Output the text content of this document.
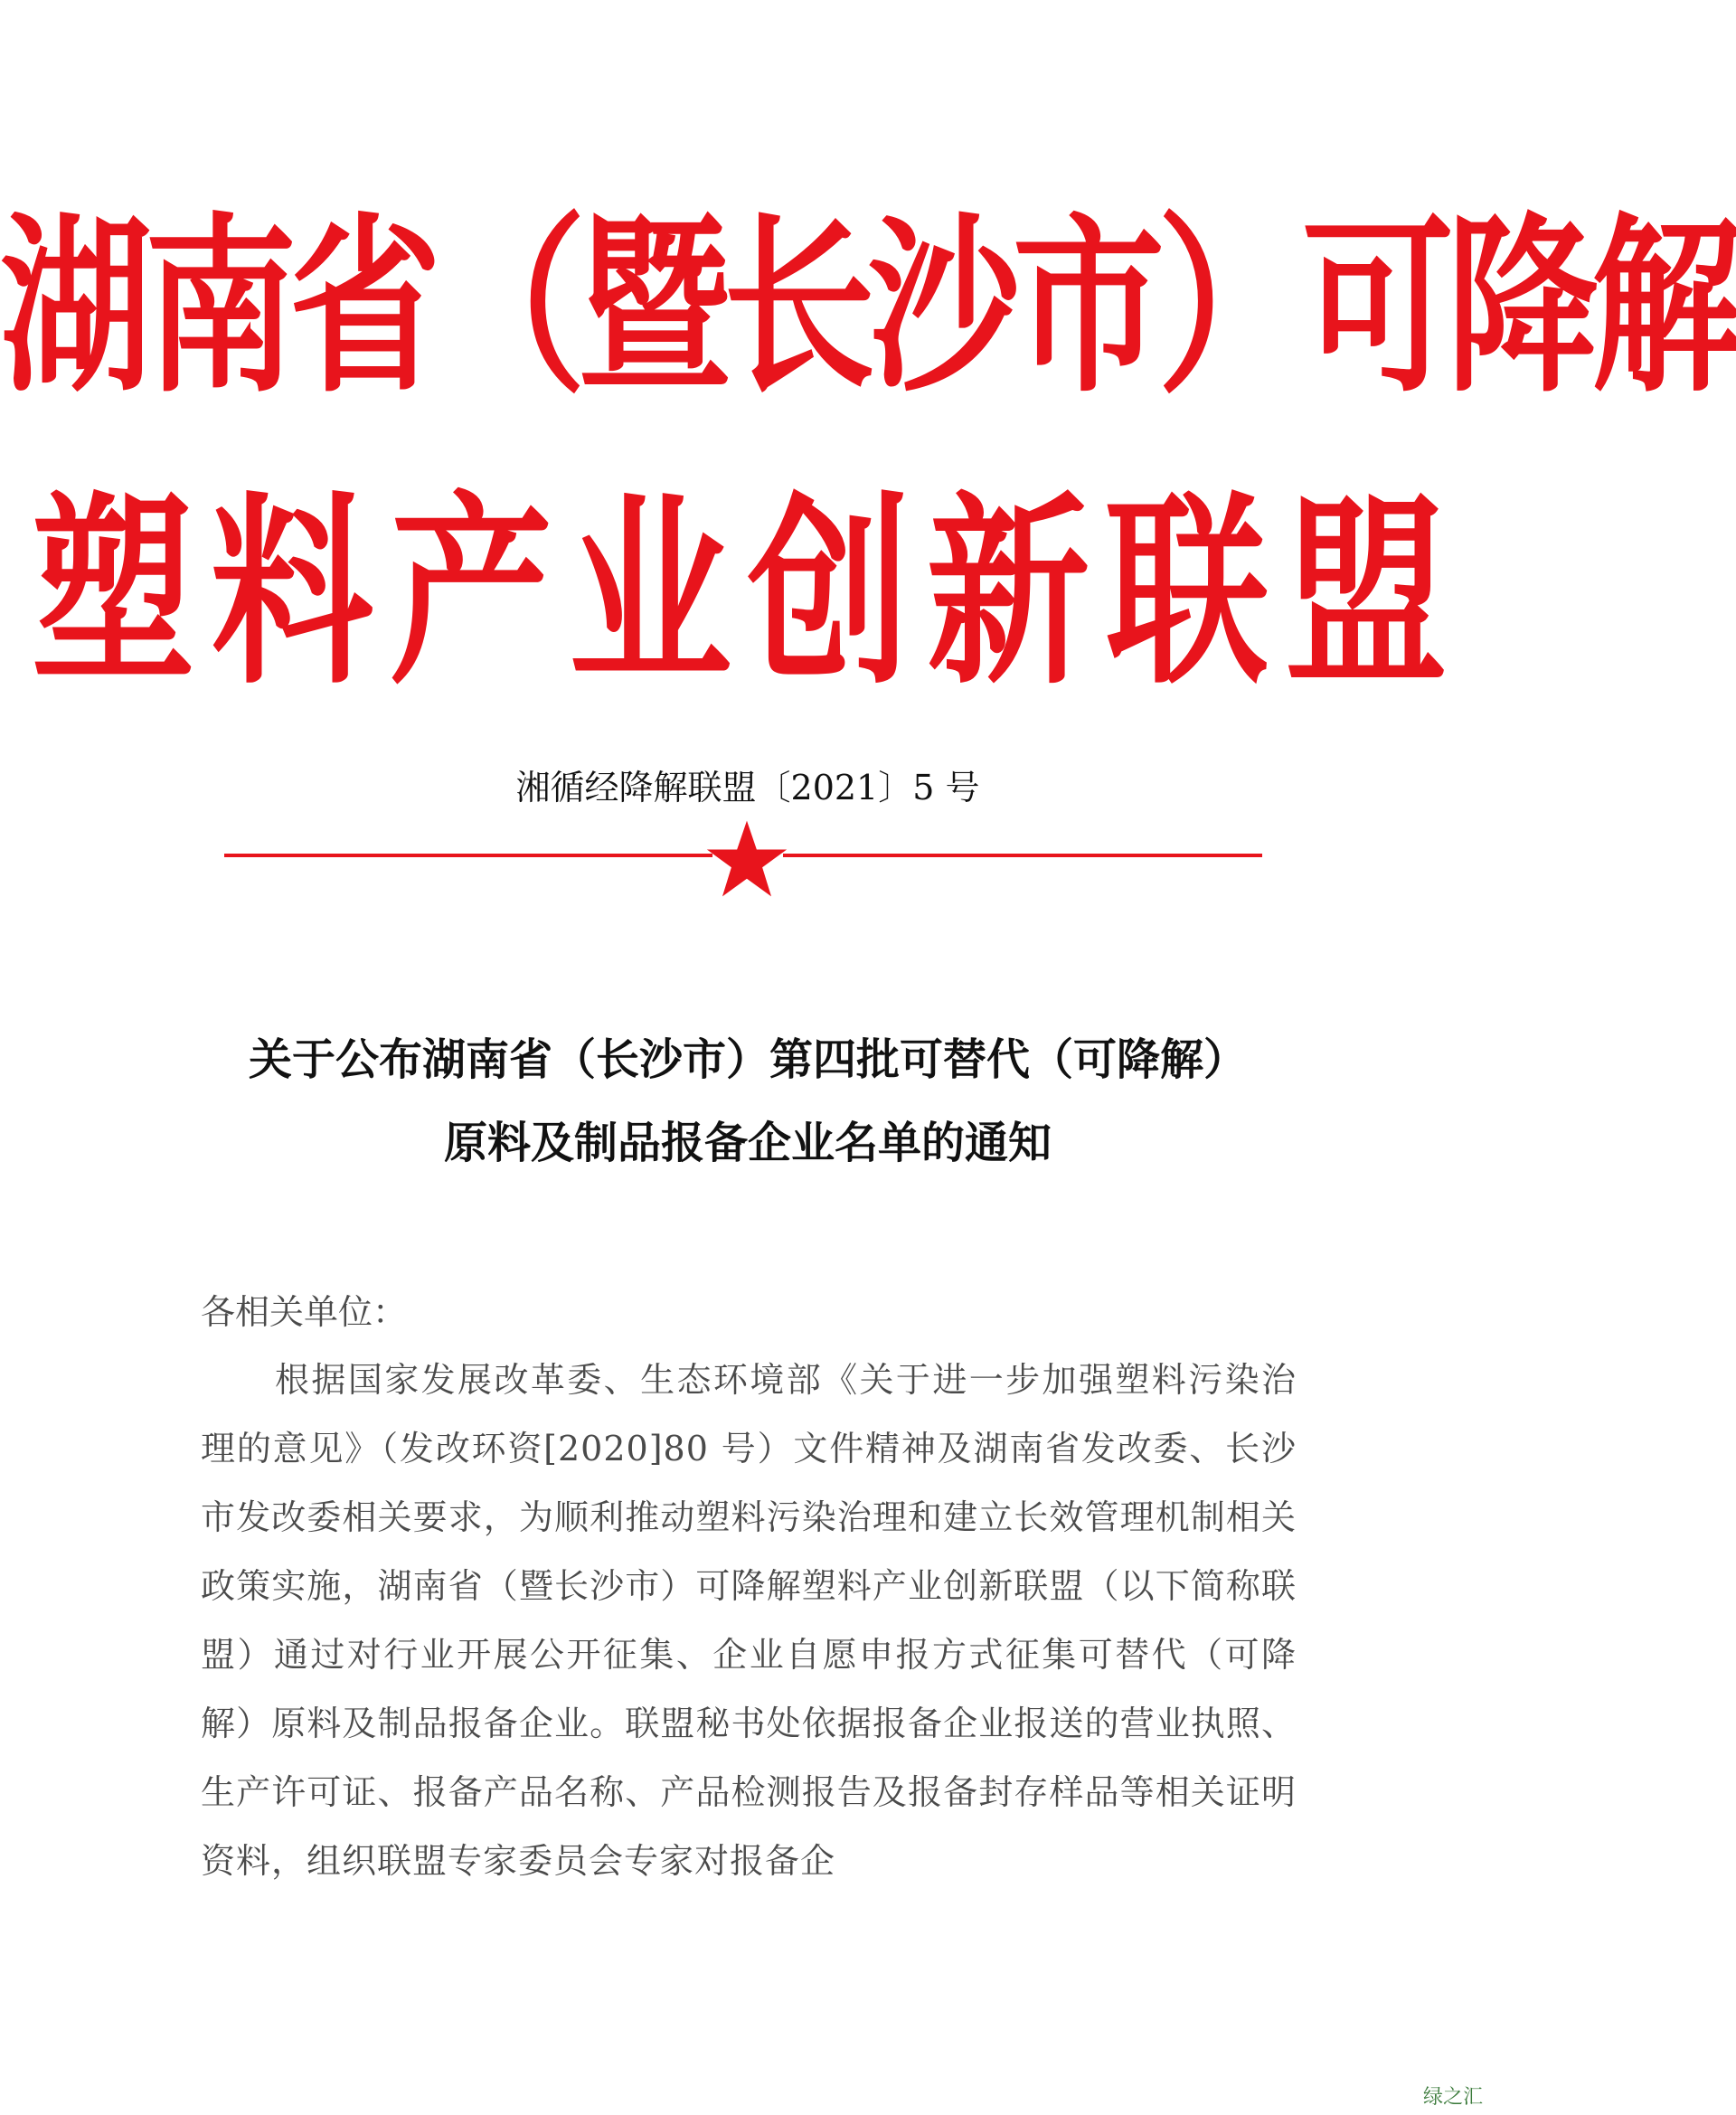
湖南省（暨长沙市）可降解
塑料产业创新联盟
湘循经降解联盟〔2021〕5 号
关于公布湖南省（长沙市）第四批可替代（可降解）
原料及制品报备企业名单的通知
各相关单位：
根据国家发展改革委、生态环境部《关于进一步加强塑料污染治理的意见》（发改环资[2020]80 号）文件精神及湖南省发改委、长沙市发改委相关要求，为顺利推动塑料污染治理和建立长效管理机制相关政策实施，湖南省（暨长沙市）可降解塑料产业创新联盟（以下简称联盟）通过对行业开展公开征集、企业自愿申报方式征集可替代（可降解）原料及制品报备企业。联盟秘书处依据报备企业报送的营业执照、生产许可证、报备产品名称、产品检测报告及报备封存样品等相关证明资料，组织联盟专家委员会专家对报备企
绿之汇
